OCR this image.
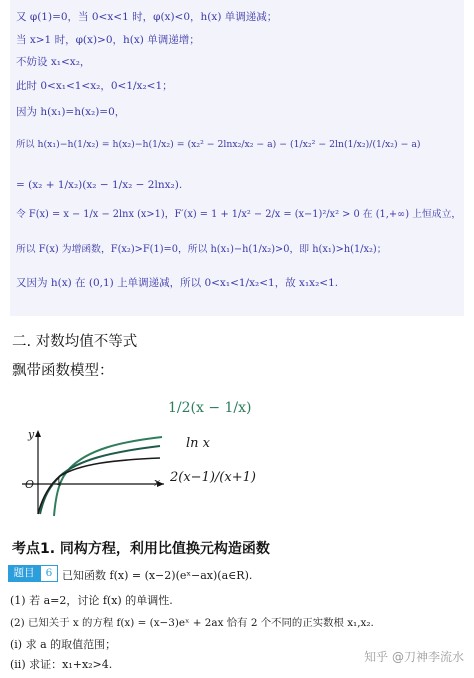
又 φ(1)=0，当 0<x<1 时，φ(x)<0，h(x) 单调递减；
当 x>1 时，φ(x)>0，h(x) 单调递增；
不妨设 x₁<x₂，
此时 0<x₁<1<x₂，0<1/x₂<1；
因为 h(x₁)=h(x₂)=0，
所以 h(x₁)−h(1/x₂) = h(x₂)−h(1/x₂) = (x₂² − 2lnx₂/x₂ − a) − (1/x₂² − 2ln(1/x₂)/(1/x₂) − a)
= (x₂ + 1/x₂)(x₂ − 1/x₂ − 2lnx₂).
令 F(x) = x − 1/x − 2lnx (x>1)，F′(x) = 1 + 1/x² − 2/x = (x−1)²/x² > 0 在 (1,+∞) 上恒成立，
所以 F(x) 为增函数，F(x₂)>F(1)=0，所以 h(x₁)−h(1/x₂)>0，即 h(x₁)>h(1/x₂)；
又因为 h(x) 在 (0,1) 上单调递减，所以 0<x₁<1/x₂<1，故 x₁x₂<1.
二. 对数均值不等式
飘带函数模型：
y
x
O 1
1/2(x − 1/x)
ln x
2(x−1)/(x+1)
考点1. 同构方程，利用比值换元构造函数
题目	6 已知函数 f(x) = (x−2)(eˣ−ax)(a∈R).
(1) 若 a=2，讨论 f(x) 的单调性.
(2) 已知关于 x 的方程 f(x) = (x−3)eˣ + 2ax 恰有 2 个不同的正实数根 x₁,x₂.
(i) 求 a 的取值范围；
(ii) 求证：x₁+x₂>4.
知乎 @刀神李流水
